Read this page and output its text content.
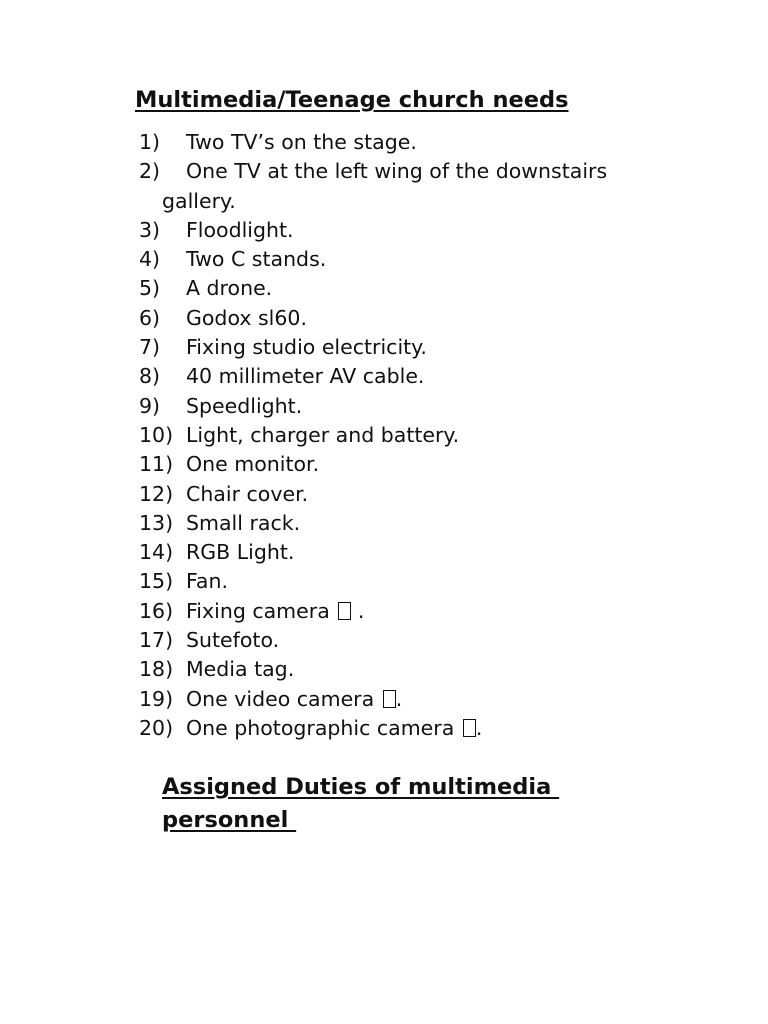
Multimedia/Teenage church needs
1) Two TV’s on the stage.
2) One TV at the left wing of the downstairs
gallery.
3) Floodlight.
4) Two C stands.
5) A drone.
6) Godox sl60.
7) Fixing studio electricity.
8) 40 millimeter AV cable.
9) Speedlight.
10) Light, charger and battery.
11) One monitor.
12) Chair cover.
13) Small rack.
14) RGB Light.
15) Fan.
16) Fixing camera  .
17) Sutefoto.
18) Media tag.
19) One video camera .
20) One photographic camera .
Assigned Duties of multimedia
personnel
